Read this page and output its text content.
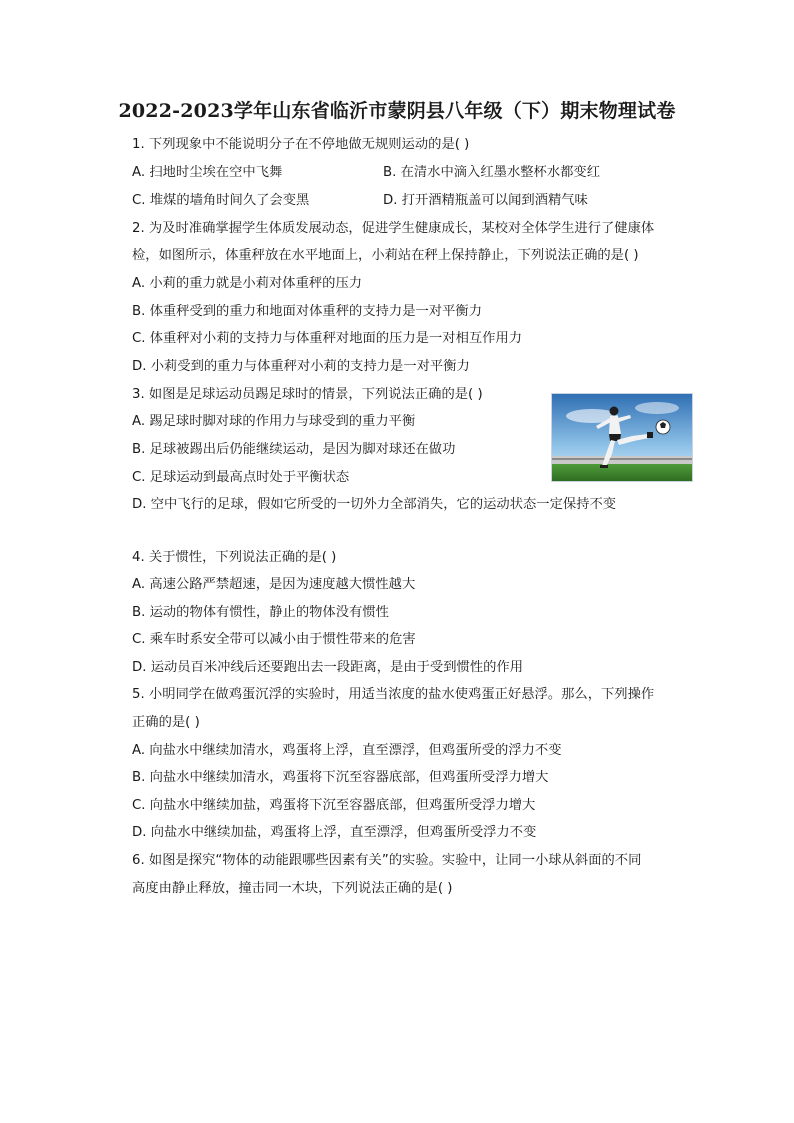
2022-2023学年山东省临沂市蒙阴县八年级（下）期末物理试卷
1. 下列现象中不能说明分子在不停地做无规则运动的是( )
A. 扫地时尘埃在空中飞舞	B. 在清水中滴入红墨水整杯水都变红
C. 堆煤的墙角时间久了会变黑	D. 打开酒精瓶盖可以闻到酒精气味
2. 为及时准确掌握学生体质发展动态，促进学生健康成长，某校对全体学生进行了健康体
检，如图所示，体重秤放在水平地面上，小莉站在秤上保持静止，下列说法正确的是( )
A. 小莉的重力就是小莉对体重秤的压力
B. 体重秤受到的重力和地面对体重秤的支持力是一对平衡力
C. 体重秤对小莉的支持力与体重秤对地面的压力是一对相互作用力
D. 小莉受到的重力与体重秤对小莉的支持力是一对平衡力
3. 如图是足球运动员踢足球时的情景，下列说法正确的是( )
A. 踢足球时脚对球的作用力与球受到的重力平衡
B. 足球被踢出后仍能继续运动，是因为脚对球还在做功
C. 足球运动到最高点时处于平衡状态
D. 空中飞行的足球，假如它所受的一切外力全部消失，它的运动状态一定保持不变
4. 关于惯性，下列说法正确的是( )
A. 高速公路严禁超速，是因为速度越大惯性越大
B. 运动的物体有惯性，静止的物体没有惯性
C. 乘车时系安全带可以减小由于惯性带来的危害
D. 运动员百米冲线后还要跑出去一段距离，是由于受到惯性的作用
5. 小明同学在做鸡蛋沉浮的实验时，用适当浓度的盐水使鸡蛋正好悬浮。那么，下列操作
正确的是( )
A. 向盐水中继续加清水，鸡蛋将上浮，直至漂浮，但鸡蛋所受的浮力不变
B. 向盐水中继续加清水，鸡蛋将下沉至容器底部，但鸡蛋所受浮力增大
C. 向盐水中继续加盐，鸡蛋将下沉至容器底部，但鸡蛋所受浮力增大
D. 向盐水中继续加盐，鸡蛋将上浮，直至漂浮，但鸡蛋所受浮力不变
6. 如图是探究“物体的动能跟哪些因素有关”的实验。实验中，让同一小球从斜面的不同
高度由静止释放，撞击同一木块，下列说法正确的是( )
